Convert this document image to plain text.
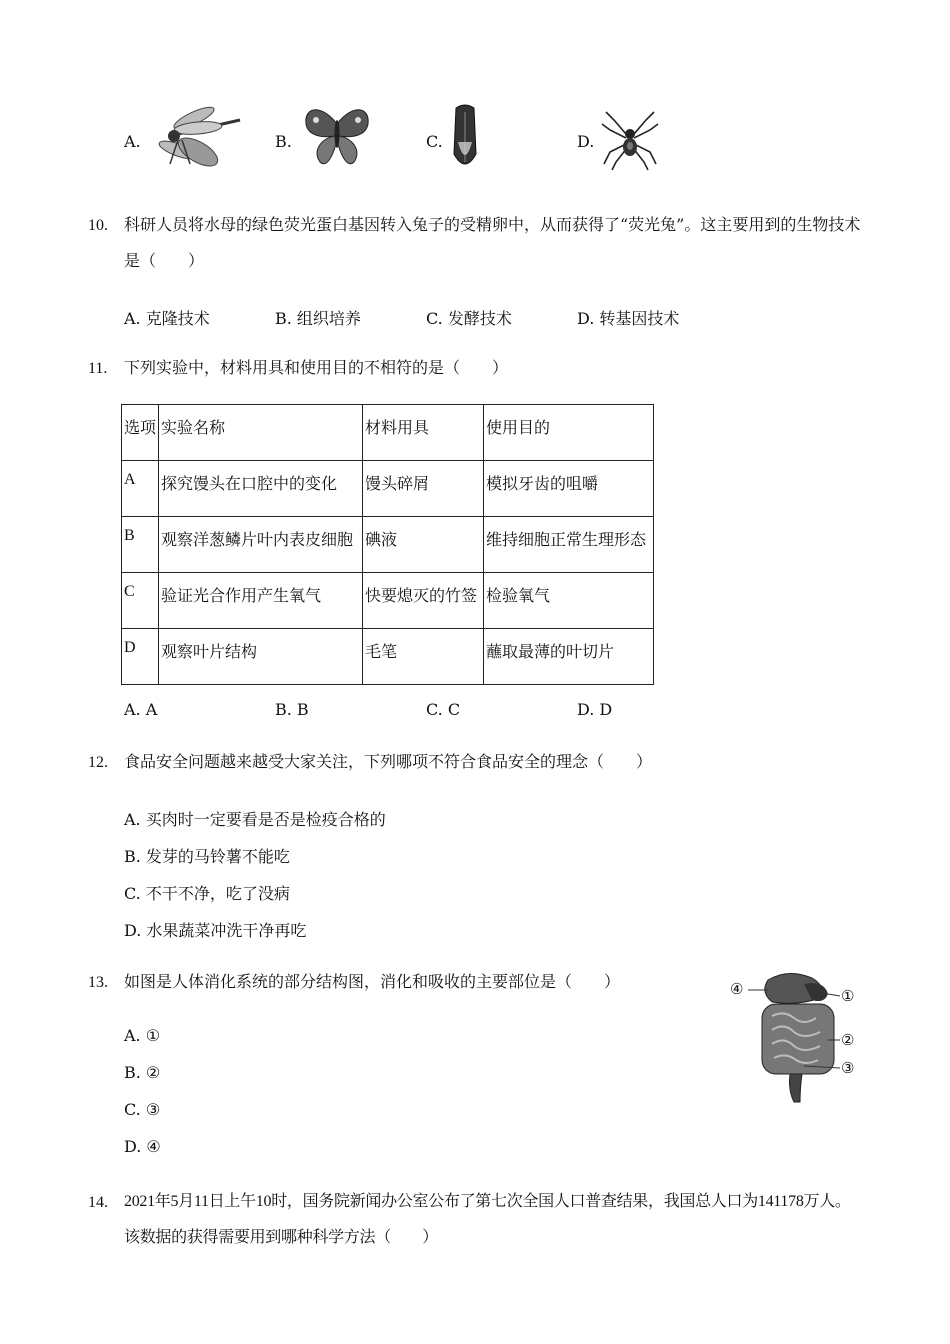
A.	B.	C.	D.
10. 科研人员将水母的绿色荧光蛋白基因转入兔子的受精卵中，从而获得了“荧光兔”。这主要用到的生物技术是（　　）
A. 克隆技术	B. 组织培养	C. 发酵技术	D. 转基因技术
11. 下列实验中，材料用具和使用目的不相符的是（　　）
选项	实验名称	材料用具	使用目的
A	探究馒头在口腔中的变化	馒头碎屑	模拟牙齿的咀嚼
B	观察洋葱鳞片叶内表皮细胞	碘液	维持细胞正常生理形态
C	验证光合作用产生氧气	快要熄灭的竹签	检验氧气
D	观察叶片结构	毛笔	蘸取最薄的叶切片
A. A	B. B	C. C	D. D
12. 食品安全问题越来越受大家关注，下列哪项不符合食品安全的理念（　　）
A. 买肉时一定要看是否是检疫合格的
B. 发芽的马铃薯不能吃
C. 不干不净，吃了没病
D. 水果蔬菜冲洗干净再吃
13. 如图是人体消化系统的部分结构图，消化和吸收的主要部位是（　　）
A. ①
B. ②
C. ③
D. ④
④	①
②
③
14. 2021年5月11日上午10时，国务院新闻办公室公布了第七次全国人口普查结果，我国总人口为141178万人。该数据的获得需要用到哪种科学方法（　　）
